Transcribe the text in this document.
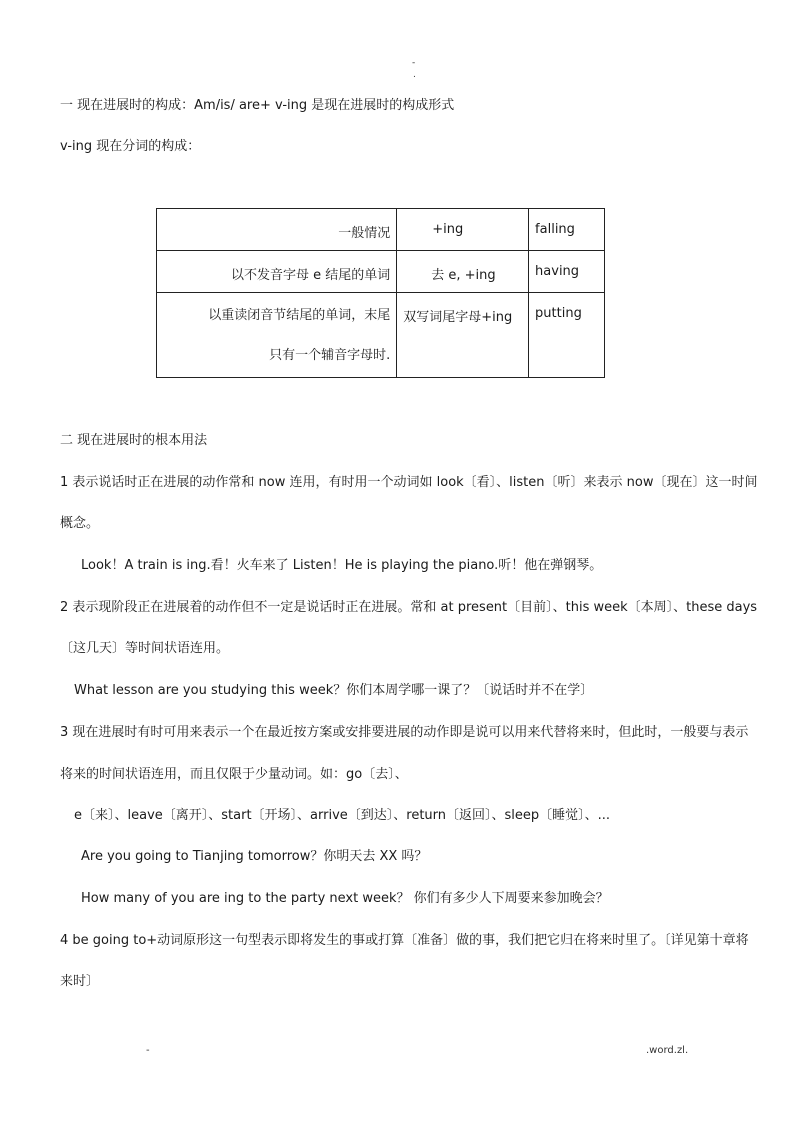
-
.
一 现在进展时的构成：Am/is/ are+ v-ing 是现在进展时的构成形式
v-ing 现在分词的构成：
一般情况	+ing	falling

以不发音字母 e 结尾的单词	去 e, +ing	having

以重读闭音节结尾的单词，末尾
只有一个辅音字母时.	双写词尾字母+ing	putting
二 现在进展时的根本用法
1 表示说话时正在进展的动作常和 now 连用，有时用一个动词如 look〔看〕、listen〔听〕来表示 now〔现在〕这一时间
概念。
Look！A train is ing.看！火车来了 Listen！He is playing the piano.听！他在弹钢琴。
2 表示现阶段正在进展着的动作但不一定是说话时正在进展。常和 at present〔目前〕、this week〔本周〕、these days
〔这几天〕等时间状语连用。
What lesson are you studying this week？你们本周学哪一课了？〔说话时并不在学〕
3 现在进展时有时可用来表示一个在最近按方案或安排要进展的动作即是说可以用来代替将来时，但此时，一般要与表示
将来的时间状语连用，而且仅限于少量动词。如：go〔去〕、
e〔来〕、leave〔离开〕、start〔开场〕、arrive〔到达〕、return〔返回〕、sleep〔睡觉〕、...
Are you going to Tianjing tomorrow？你明天去 XX 吗？
How many of you are ing to the party next week？ 你们有多少人下周要来参加晚会？
4 be going to+动词原形这一句型表示即将发生的事或打算〔准备〕做的事，我们把它归在将来时里了。〔详见第十章将
来时〕
-	.word.zl.
